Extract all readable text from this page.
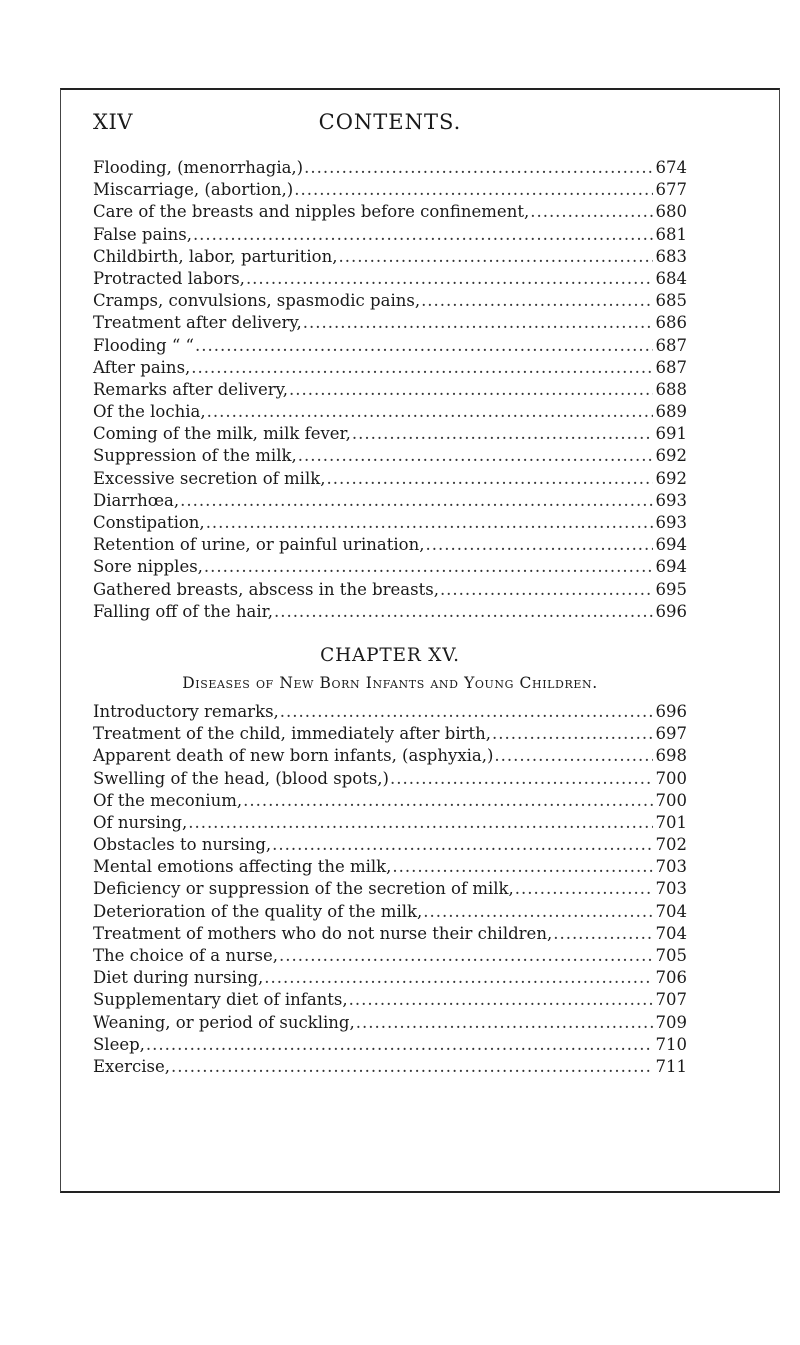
XIV	CONTENTS.
Flooding, (menorrhagia,) .....	674
Miscarriage, (abortion,) .....	677
Care of the breasts and nipples before confinement, .....	680
False pains, .....	681
Childbirth, labor, parturition, .....	683
Protracted labors, .....	684
Cramps, convulsions, spasmodic pains, .....	685
Treatment after delivery, .....	686
Flooding “ “ .....	687
After pains, .....	687
Remarks after delivery, .....	688
Of the lochia, .....	689
Coming of the milk, milk fever, .....	691
Suppression of the milk, .....	692
Excessive secretion of milk, .....	692
Diarrhœa, .....	693
Constipation, .....	693
Retention of urine, or painful urination, .....	694
Sore nipples, .....	694
Gathered breasts, abscess in the breasts, .....	695
Falling off of the hair, .....	696
CHAPTER XV.
Diseases of New Born Infants and Young Children.
Introductory remarks, .....	696
Treatment of the child, immediately after birth, .....	697
Apparent death of new born infants, (asphyxia,) .....	698
Swelling of the head, (blood spots,) .....	700
Of the meconium, .....	700
Of nursing, .....	701
Obstacles to nursing, .....	702
Mental emotions affecting the milk, .....	703
Deficiency or suppression of the secretion of milk, .....	703
Deterioration of the quality of the milk, .....	704
Treatment of mothers who do not nurse their children, .....	704
The choice of a nurse, .....	705
Diet during nursing, .....	706
Supplementary diet of infants, .....	707
Weaning, or period of suckling, .....	709
Sleep, .....	710
Exercise, .....	711
